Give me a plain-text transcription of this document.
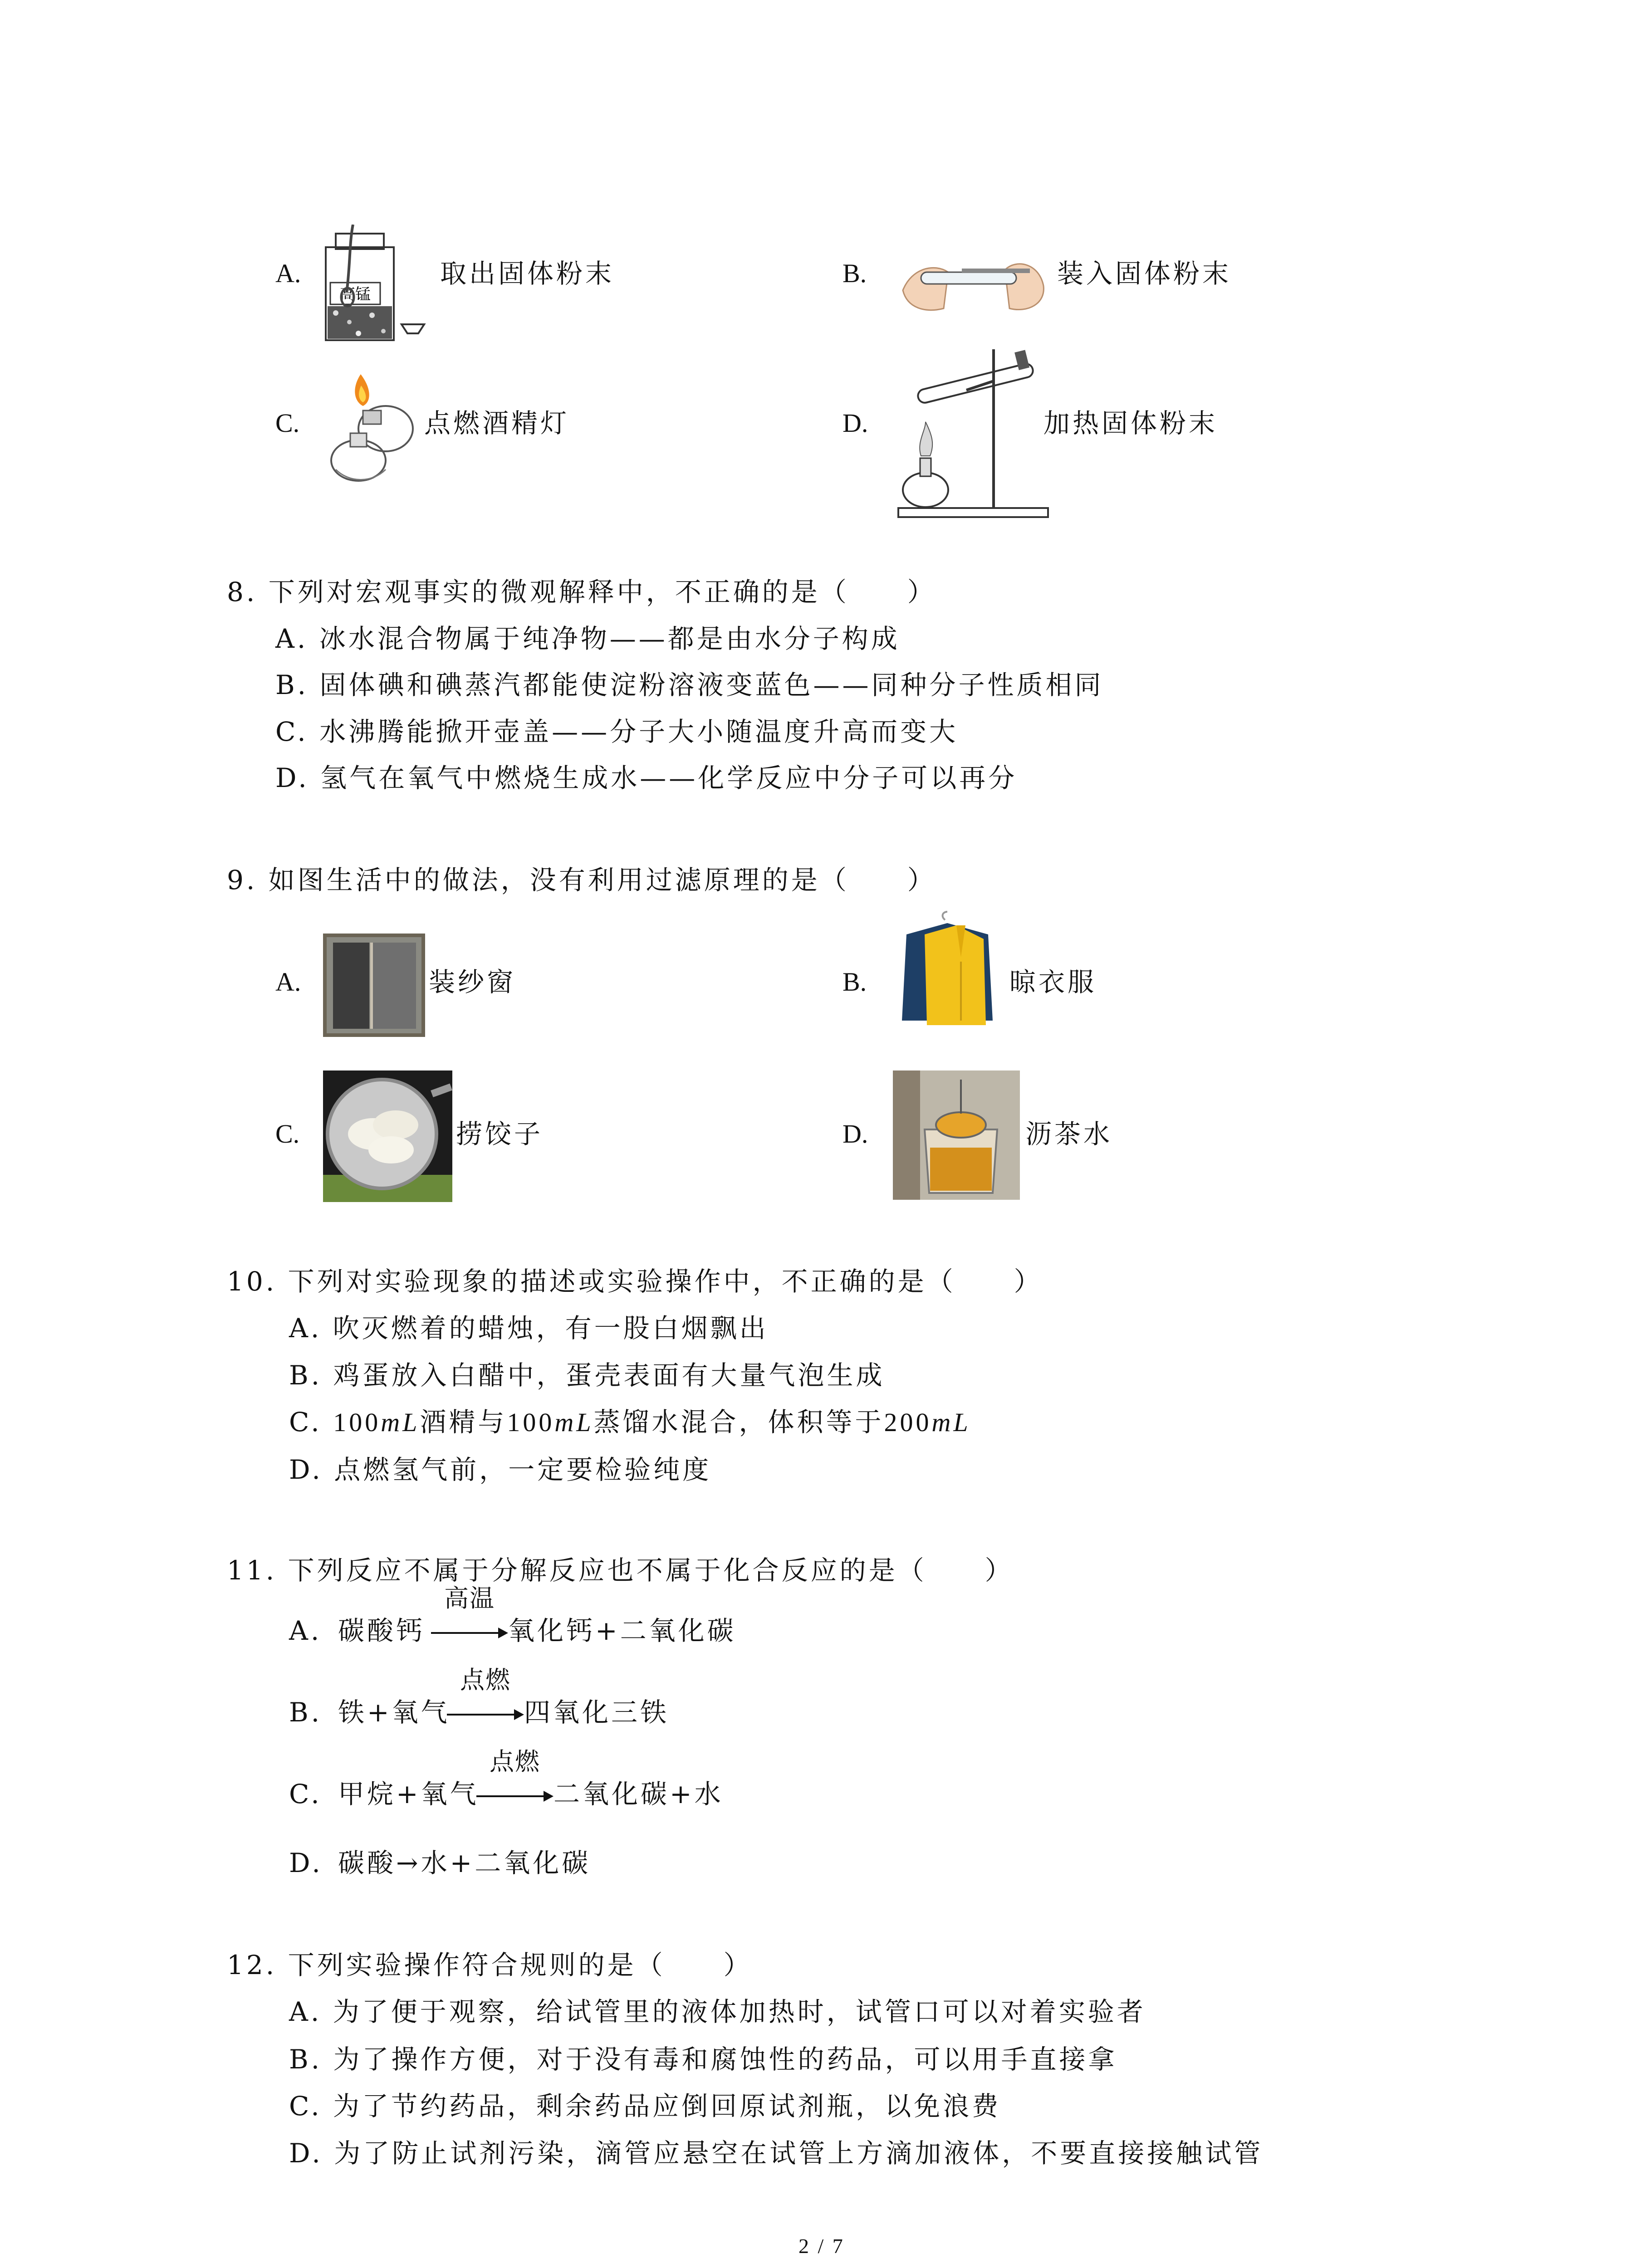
A.
高锰
取出固体粉末	B.	装入固体粉末
C.	点燃酒精灯	D.	加热固体粉末
8. 下列对宏观事实的微观解释中，不正确的是（　　）
A. 冰水混合物属于纯净物——都是由水分子构成
B. 固体碘和碘蒸汽都能使淀粉溶液变蓝色——同种分子性质相同
C. 水沸腾能掀开壶盖——分子大小随温度升高而变大
D. 氢气在氧气中燃烧生成水——化学反应中分子可以再分
9. 如图生活中的做法，没有利用过滤原理的是（　　）
A.	装纱窗	B.	晾衣服
C.	捞饺子	D.	沥茶水
10. 下列对实验现象的描述或实验操作中，不正确的是（　　）
A. 吹灭燃着的蜡烛，有一股白烟飘出
B. 鸡蛋放入白醋中，蛋壳表面有大量气泡生成
C. 100mL酒精与100mL蒸馏水混合，体积等于200mL
D. 点燃氢气前，一定要检验纯度
11. 下列反应不属于分解反应也不属于化合反应的是（　　）
A. 碳酸钙
高温
氧化钙+二氧化碳
B. 铁+氧气
点燃
四氧化三铁
C. 甲烷+氧气
点燃
二氧化碳+水
D. 碳酸→水+二氧化碳
12. 下列实验操作符合规则的是（　　）
A. 为了便于观察，给试管里的液体加热时，试管口可以对着实验者
B. 为了操作方便，对于没有毒和腐蚀性的药品，可以用手直接拿
C. 为了节约药品，剩余药品应倒回原试剂瓶，以免浪费
D. 为了防止试剂污染，滴管应悬空在试管上方滴加液体，不要直接接触试管
2 / 7
